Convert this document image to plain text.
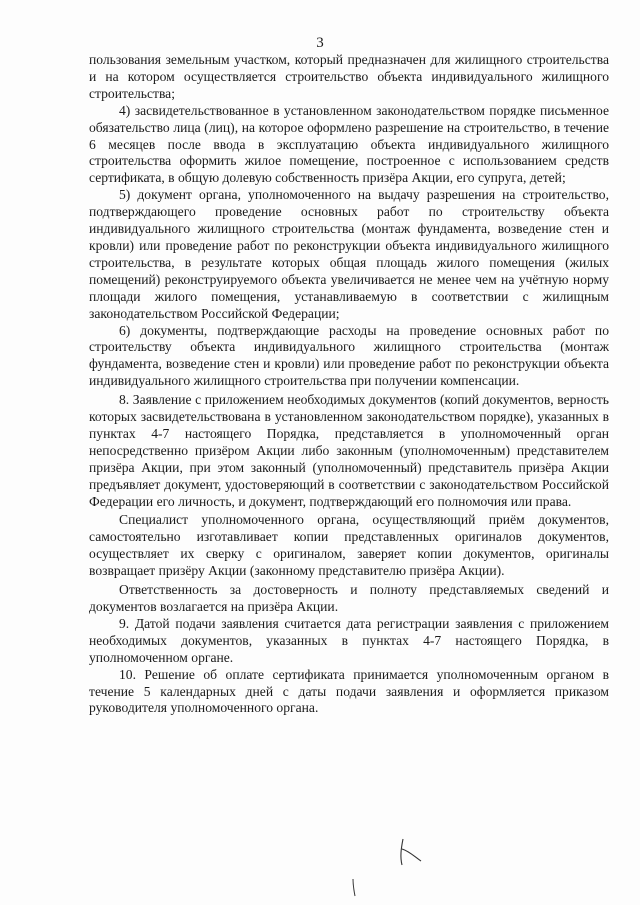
3

пользования земельным участком, который предназначен для жилищного строительства и на котором осуществляется строительство объекта индивидуального жилищного строительства;

4) засвидетельствованное в установленном законодательством порядке письменное обязательство лица (лиц), на которое оформлено разрешение на строительство, в течение 6 месяцев после ввода в эксплуатацию объекта индивидуального жилищного строительства оформить жилое помещение, построенное с использованием средств сертификата, в общую долевую собственность призёра Акции, его супруга, детей;

5) документ органа, уполномоченного на выдачу разрешения на строительство, подтверждающего проведение основных работ по строительству объекта индивидуального жилищного строительства (монтаж фундамента, возведение стен и кровли) или проведение работ по реконструкции объекта индивидуального жилищного строительства, в результате которых общая площадь жилого помещения (жилых помещений) реконструируемого объекта увеличивается не менее чем на учётную норму площади жилого помещения, устанавливаемую в соответствии с жилищным законодательством Российской Федерации;

6) документы, подтверждающие расходы на проведение основных работ по строительству объекта индивидуального жилищного строительства (монтаж фундамента, возведение стен и кровли) или проведение работ по реконструкции объекта индивидуального жилищного строительства при получении компенсации.

8. Заявление с приложением необходимых документов (копий документов, верность которых засвидетельствована в установленном законодательством порядке), указанных в пунктах 4-7 настоящего Порядка, представляется в уполномоченный орган непосредственно призёром Акции либо законным (уполномоченным) представителем призёра Акции, при этом законный (уполномоченный) представитель призёра Акции предъявляет документ, удостоверяющий в соответствии с законодательством Российской Федерации его личность, и документ, подтверждающий его полномочия или права.

Специалист уполномоченного органа, осуществляющий приём документов, самостоятельно изготавливает копии представленных оригиналов документов, осуществляет их сверку с оригиналом, заверяет копии документов, оригиналы возвращает призёру Акции (законному представителю призёра Акции).

Ответственность за достоверность и полноту представляемых сведений и документов возлагается на призёра Акции.

9. Датой подачи заявления считается дата регистрации заявления с приложением необходимых документов, указанных в пунктах 4-7 настоящего Порядка, в уполномоченном органе.

10. Решение об оплате сертификата принимается уполномоченным органом в течение 5 календарных дней с даты подачи заявления и оформляется приказом руководителя уполномоченного органа.
